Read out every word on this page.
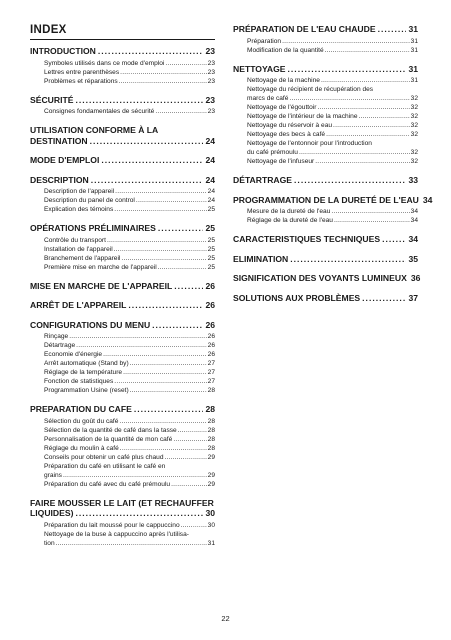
INDEX
INTRODUCTION .....	23
Symboles utilisés dans ce mode d'emploi .....	23
Lettres entre parenthèses .....	23
Problèmes et réparations .....	23
SÉCURITÉ .....	23
Consignes fondamentales de sécurité .....	23
UTILISATION CONFORME À LA
DESTINATION .....	24
MODE D'EMPLOI .....	24
DESCRIPTION .....	24
Description de l'appareil .....	24
Description du panel de control .....	24
Explication des témoins .....	25
OPÉRATIONS PRÉLIMINAIRES .....	25
Contrôle du transport .....	25
Installation de l'appareil .....	25
Branchement de l'appareil .....	25
Première mise en marche de l'appareil .....	25
MISE EN MARCHE DE L'APPAREIL .....	26
ARRÊT DE L'APPAREIL .....	26
CONFIGURATIONS DU MENU .....	26
Rinçage .....	26
Détartrage .....	26
Economie d'énergie .....	26
Arrêt automatique (Stand by) .....	27
Réglage de la température .....	27
Fonction de statistiques .....	27
Programmation Usine (reset) .....	28
PREPARATION DU CAFE .....	28
Sélection du goût du café .....	28
Sélection de la quantité de café dans la tasse .....	28
Personnalisation de la quantité de mon café .....	28
Réglage du moulin à café .....	28
Conseils pour obtenir un café plus chaud .....	29
Préparation du café en utilisant le café en
grains .....	29
Préparation du café avec du café prémoulu .....	29
FAIRE MOUSSER LE LAIT (ET RECHAUFFER
LIQUIDES) .....	30
Préparation du lait moussé pour le cappuccino .....	30
Nettoyage de la buse à cappuccino après l'utilisa-
tion .....	31
PRÉPARATION DE L'EAU CHAUDE .....	31
Préparation .....	31
Modification de la quantité .....	31
NETTOYAGE .....	31
Nettoyage de la machine .....	31
Nettoyage du récipient de récupération des
marcs de café .....	32
Nettoyage de l'égouttoir .....	32
Nettoyage de l'intérieur de la machine .....	32
Nettoyage du réservoir à eau .....	32
Nettoyage des becs à café .....	32
Nettoyage de l'entonnoir pour l'introduction
du café prémoulu .....	32
Nettoyage de l'infuseur .....	32
DÉTARTRAGE .....	33
PROGRAMMATION DE LA DURETÉ DE L'EAU 34
Mesure de la dureté de l'eau .....	34
Réglage de la dureté de l'eau .....	34
CARACTERISTIQUES TECHNIQUES .....	34
ELIMINATION .....	35
SIGNIFICATION DES VOYANTS LUMINEUX 36
SOLUTIONS AUX PROBLÈMES .....	37
22
